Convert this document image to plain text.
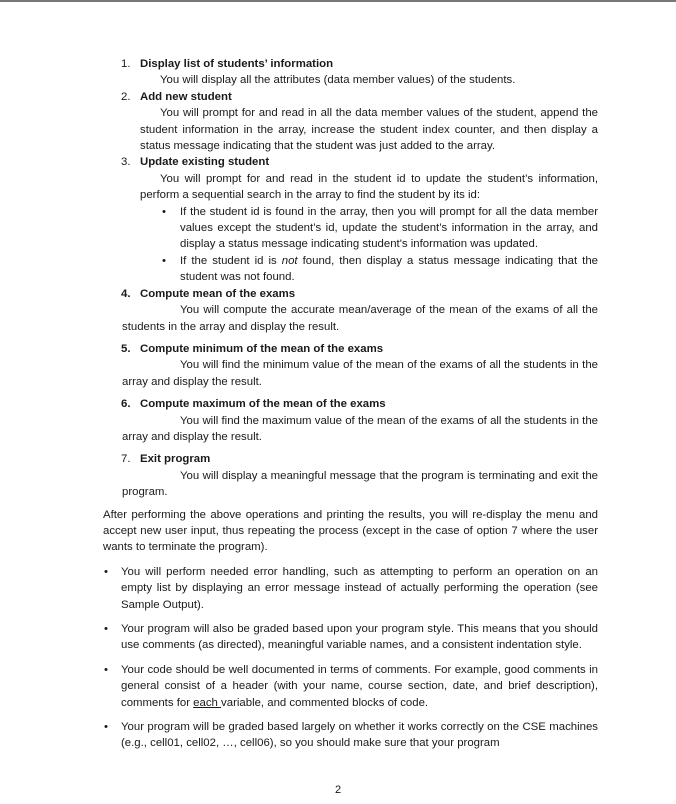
1. Display list of students’ information
You will display all the attributes (data member values) of the students.
2. Add new student
You will prompt for and read in all the data member values of the student, append the student information in the array, increase the student index counter, and then display a status message indicating that the student was just added to the array.
3. Update existing student
You will prompt for and read in the student id to update the student’s information, perform a sequential search in the array to find the student by its id:
• If the student id is found in the array, then you will prompt for all the data member values except the student’s id, update the student’s information in the array, and display a status message indicating student's information was updated.
• If the student id is not found, then display a status message indicating that the student was not found.
4. Compute mean of the exams
You will compute the accurate mean/average of the mean of the exams of all the students in the array and display the result.
5. Compute minimum of the mean of the exams
You will find the minimum value of the mean of the exams of all the students in the array and display the result.
6. Compute maximum of the mean of the exams
You will find the maximum value of the mean of the exams of all the students in the array and display the result.
7. Exit program
You will display a meaningful message that the program is terminating and exit the program.
After performing the above operations and printing the results, you will re-display the menu and accept new user input, thus repeating the process (except in the case of option 7 where the user wants to terminate the program).
• You will perform needed error handling, such as attempting to perform an operation on an empty list by displaying an error message instead of actually performing the operation (see Sample Output).
• Your program will also be graded based upon your program style. This means that you should use comments (as directed), meaningful variable names, and a consistent indentation style.
• Your code should be well documented in terms of comments. For example, good comments in general consist of a header (with your name, course section, date, and brief description), comments for each variable, and commented blocks of code.
• Your program will be graded based largely on whether it works correctly on the CSE machines (e.g., cell01, cell02, …, cell06), so you should make sure that your program
2
